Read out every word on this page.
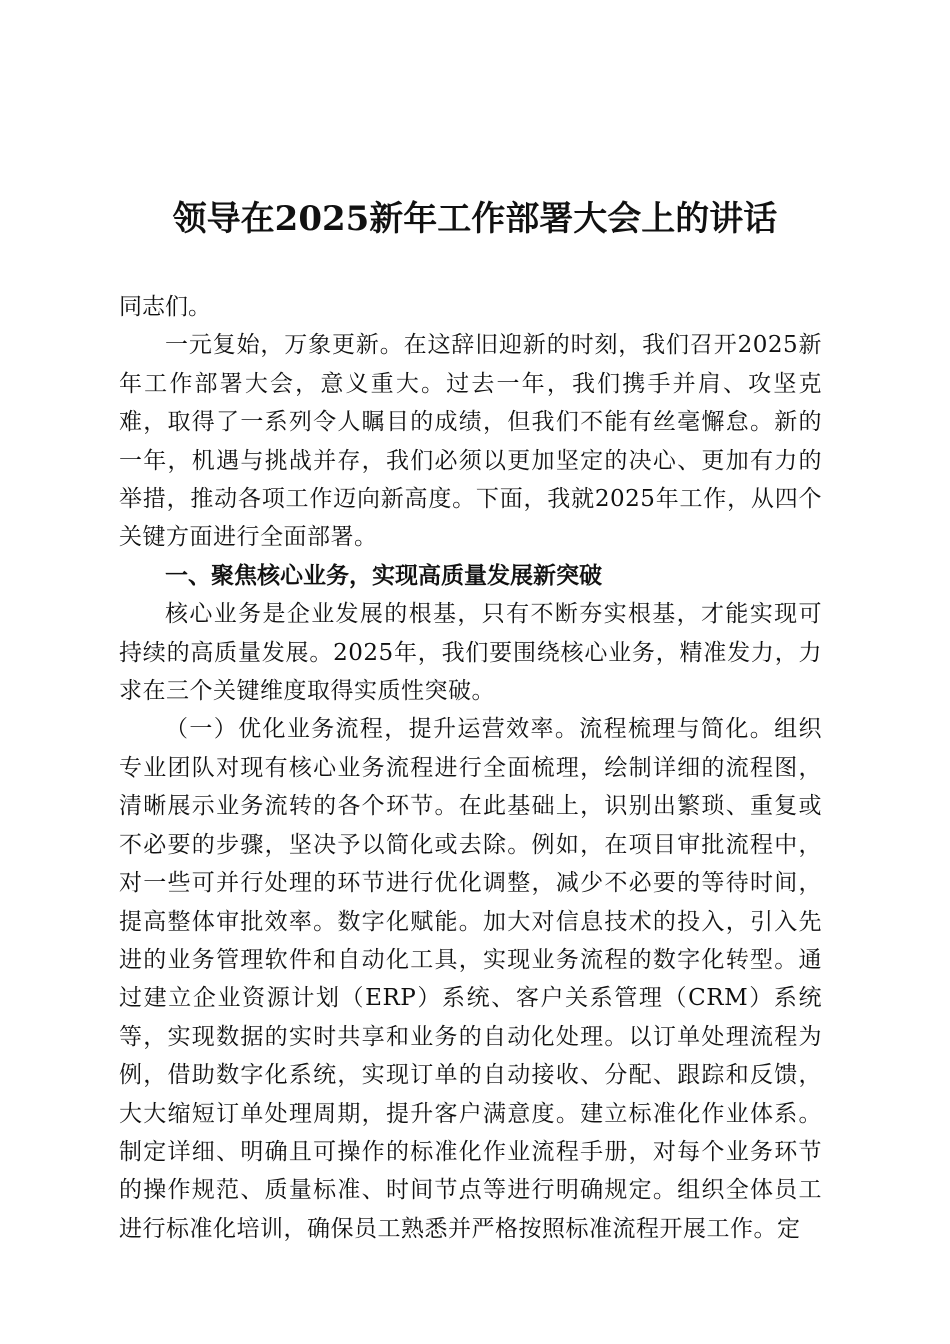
领导在2025新年工作部署大会上的讲话

同志们。

一元复始，万象更新。在这辞旧迎新的时刻，我们召开2025新年工作部署大会，意义重大。过去一年，我们携手并肩、攻坚克难，取得了一系列令人瞩目的成绩，但我们不能有丝毫懈怠。新的一年，机遇与挑战并存，我们必须以更加坚定的决心、更加有力的举措，推动各项工作迈向新高度。下面，我就2025年工作，从四个关键方面进行全面部署。

一、聚焦核心业务，实现高质量发展新突破

核心业务是企业发展的根基，只有不断夯实根基，才能实现可持续的高质量发展。2025年，我们要围绕核心业务，精准发力，力求在三个关键维度取得实质性突破。

（一）优化业务流程，提升运营效率。流程梳理与简化。组织专业团队对现有核心业务流程进行全面梳理，绘制详细的流程图，清晰展示业务流转的各个环节。在此基础上，识别出繁琐、重复或不必要的步骤，坚决予以简化或去除。例如，在项目审批流程中，对一些可并行处理的环节进行优化调整，减少不必要的等待时间，提高整体审批效率。数字化赋能。加大对信息技术的投入，引入先进的业务管理软件和自动化工具，实现业务流程的数字化转型。通过建立企业资源计划（ERP）系统、客户关系管理（CRM）系统等，实现数据的实时共享和业务的自动化处理。以订单处理流程为例，借助数字化系统，实现订单的自动接收、分配、跟踪和反馈，大大缩短订单处理周期，提升客户满意度。建立标准化作业体系。制定详细、明确且可操作的标准化作业流程手册，对每个业务环节的操作规范、质量标准、时间节点等进行明确规定。组织全体员工进行标准化培训，确保员工熟悉并严格按照标准流程开展工作。定
